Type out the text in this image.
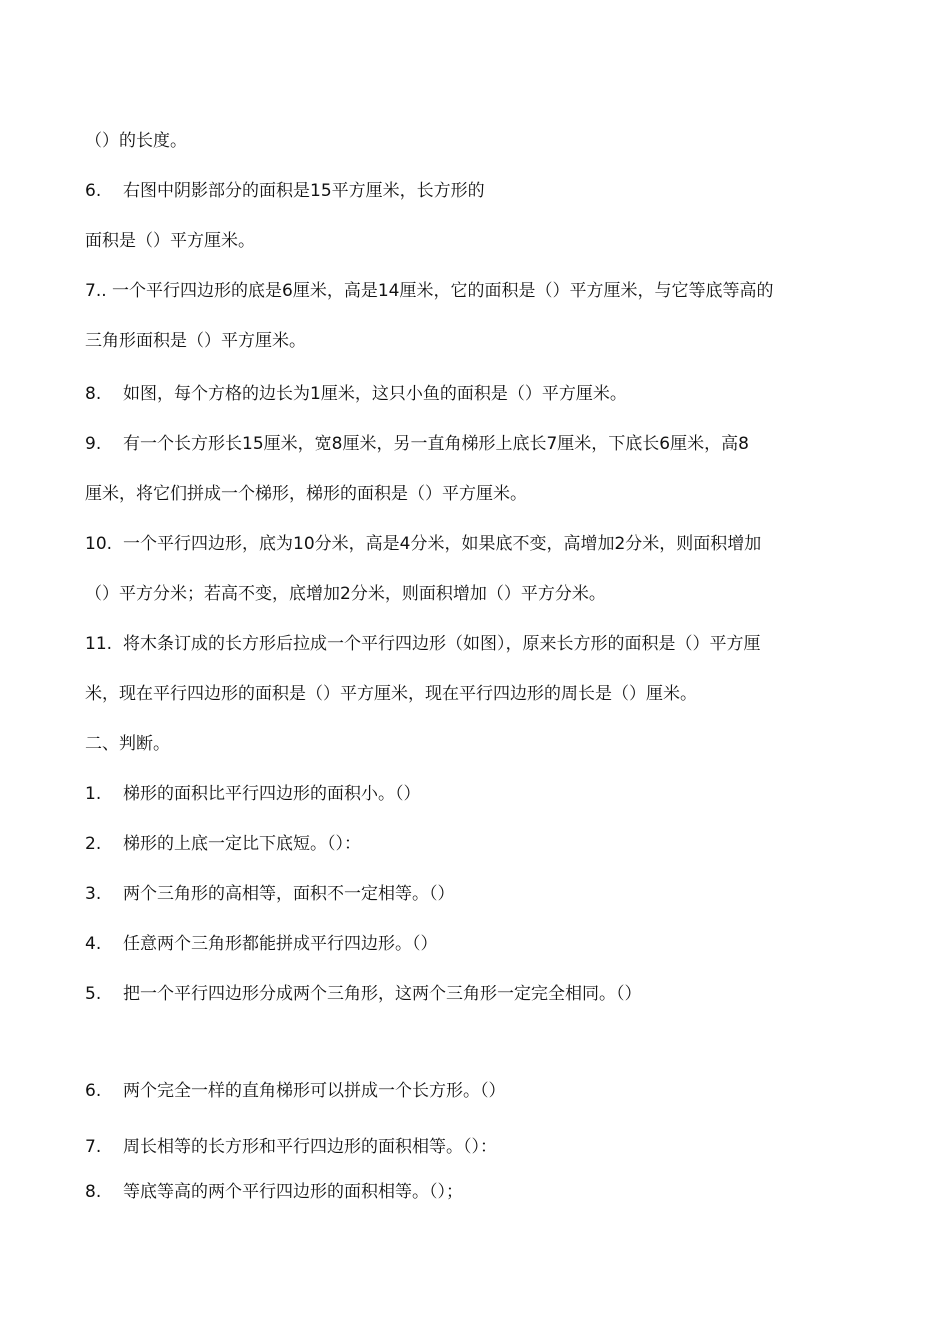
（）的长度。
6. 右图中阴影部分的面积是15平方厘米，长方形的
面积是（）平方厘米。
7.. 一个平行四边形的底是6厘米，高是14厘米，它的面积是（）平方厘米，与它等底等高的
三角形面积是（）平方厘米。
8. 如图，每个方格的边长为1厘米，这只小鱼的面积是（）平方厘米。
9. 有一个长方形长15厘米，宽8厘米，另一直角梯形上底长7厘米，下底长6厘米，高8
厘米，将它们拼成一个梯形，梯形的面积是（）平方厘米。
10. 一个平行四边形，底为10分米，高是4分米，如果底不变，高增加2分米，则面积增加
（）平方分米；若高不变，底增加2分米，则面积增加（）平方分米。
11. 将木条订成的长方形后拉成一个平行四边形（如图），原来长方形的面积是（）平方厘
米，现在平行四边形的面积是（）平方厘米，现在平行四边形的周长是（）厘米。
二、判断。
1. 梯形的面积比平行四边形的面积小。（）
2. 梯形的上底一定比下底短。（）：
3. 两个三角形的高相等，面积不一定相等。（）
4. 任意两个三角形都能拼成平行四边形。（）
5. 把一个平行四边形分成两个三角形，这两个三角形一定完全相同。（）
6. 两个完全一样的直角梯形可以拼成一个长方形。（）
7. 周长相等的长方形和平行四边形的面积相等。（）：
8. 等底等高的两个平行四边形的面积相等。（）；
